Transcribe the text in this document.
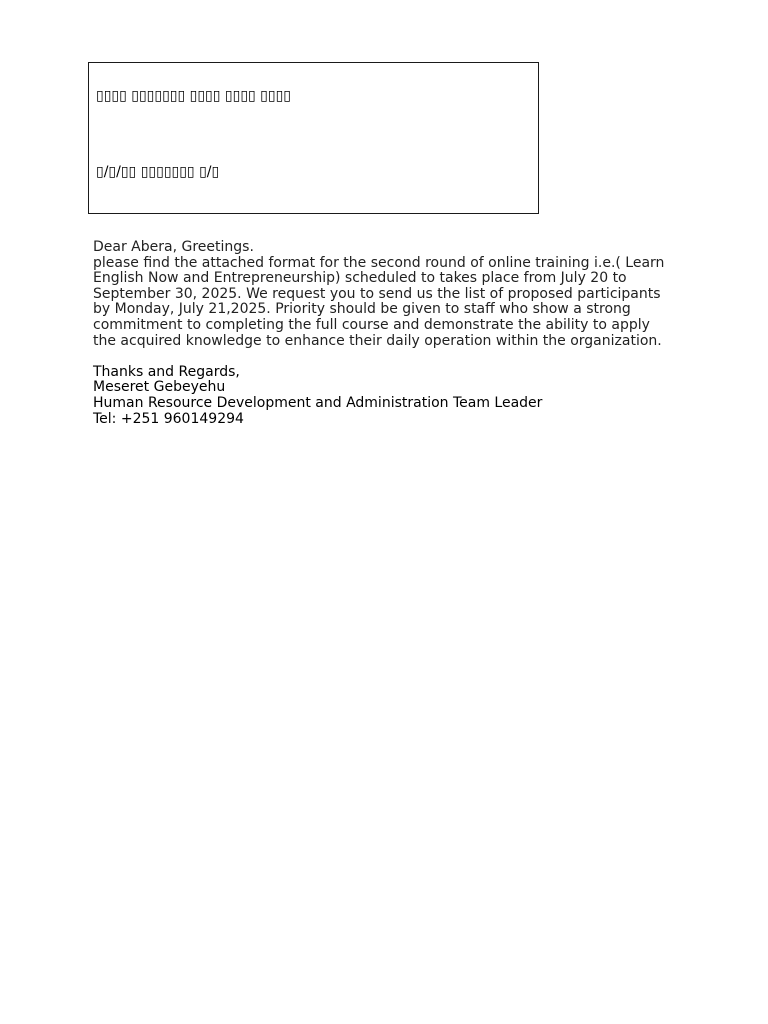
▯▯▯▯ ▯▯▯▯▯▯▯ ▯▯▯▯ ▯▯▯▯ ▯▯▯▯
▯/▯/▯▯ ▯▯▯▯▯▯▯ ▯/▯

Dear Abera, Greetings.

please find the attached format for the second round of online training i.e.( Learn

English Now and Entrepreneurship) scheduled to takes place from July 20 to

September 30, 2025. We request you to send us the list of proposed participants

by Monday, July 21,2025. Priority should be given to staff who show a strong

commitment to completing the full course and demonstrate the ability to apply

the acquired knowledge to enhance their daily operation within the organization.

Thanks and Regards,

Meseret Gebeyehu

Human Resource Development and Administration Team Leader

Tel: +251 960149294
